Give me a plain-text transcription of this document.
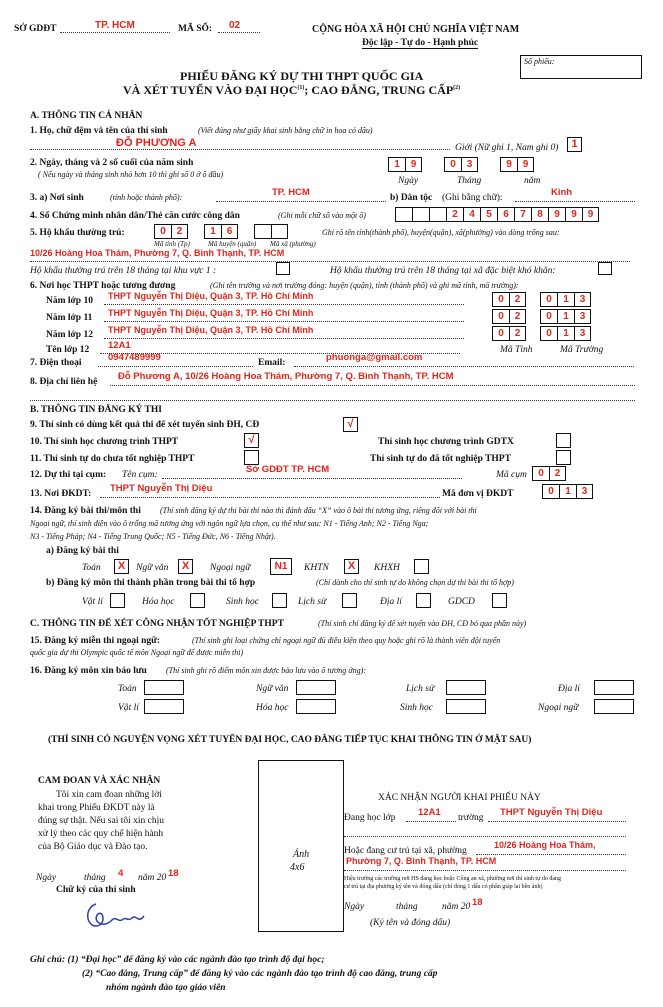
SỞ GDĐT	TP. HCM	MÃ SỐ: 02	CỘNG HÒA XÃ HỘI CHỦ NGHĨA VIỆT NAM
Độc lập - Tự do - Hạnh phúc
Số phiếu:
PHIẾU ĐĂNG KÝ DỰ THI THPT QUỐC GIA
VÀ XÉT TUYỂN VÀO ĐẠI HỌC$^{(1)}$; CAO ĐẲNG, TRUNG CẤP$^{(2)}$
A. THÔNG TIN CÁ NHÂN
1. Họ, chữ đệm và tên của thí sinh	(Viết đúng như giấy khai sinh bằng chữ in hoa có dấu)
ĐỖ PHƯƠNG A	Giới (Nữ ghi 1, Nam ghi 0)	1
2. Ngày, tháng và 2 số cuối của năm sinh
( Nếu ngày và tháng sinh nhỏ hơn 10 thì ghi số 0 ở ô đầu)
1	9	0	3	9	9
Ngày	Tháng	năm
3. a) Nơi sinh	(tỉnh hoặc thành phố):	TP. HCM	b) Dân tộc (Ghi bằng chữ):	Kinh
4. Số Chứng minh nhân dân/Thẻ căn cước công dân	(Ghi mỗi chữ số vào một ô)	2	4	5	6	7	8	9	9	9
5. Hộ khẩu thường trú:	0	2	1	6
Mã tỉnh (Tp)	Mã huyện (quận) Mã xã (phường)
Ghi rõ tên tỉnh(thành phố), huyện(quận), xã(phường) vào dòng trống sau:
10/26 Hoàng Hoa Thám, Phường 7, Q. Bình Thạnh, TP. HCM
Hộ khẩu thường trú trên 18 tháng tại khu vực 1 :	Hộ khẩu thường trú trên 18 tháng tại xã đặc biệt khó khăn:
6. Nơi học THPT hoặc tương đương	(Ghi tên trường và nơi trường đóng: huyện (quận), tỉnh (thành phố) và ghi mã tỉnh, mã trường):
Năm lớp 10 THPT Nguyễn Thị Diệu, Quận 3, TP. Hồ Chí Minh	0	2	0	1	3
Năm lớp 11 THPT Nguyễn Thị Diệu, Quận 3, TP. Hồ Chí Minh	0	2	0	1	3
Năm lớp 12 THPT Nguyễn Thị Diệu, Quận 3, TP. Hồ Chí Minh	0	2	0	1	3
Tên lớp 12 12A1	Mã Tỉnh	Mã Trường
7. Điện thoại	0947489999	Email:	phuonga@gmail.com
8. Địa chỉ liên hệ Đỗ Phương A, 10/26 Hoàng Hoa Thám, Phường 7, Q. Bình Thạnh, TP. HCM
B. THÔNG TIN ĐĂNG KÝ THI
9. Thí sinh có dùng kết quả thi để xét tuyển sinh ĐH, CĐ	√
10. Thí sinh học chương trình THPT	√	Thí sinh học chương trình GDTX
11. Thí sinh tự do chưa tốt nghiệp THPT	Thí sinh tự do đã tốt nghiệp THPT
12. Dự thi tại cụm: Tên cụm:	Sở GDĐT TP. HCM	Mã cụm	0	2
13. Nơi ĐKDT: THPT Nguyễn Thị Diệu	Mã đơn vị ĐKDT	0	1	3
14. Đăng ký bài thi/môn thi (Thí sinh đăng ký dự thi bài thi nào thì đánh dấu “X” vào ô bài thi tương ứng, riêng đối với bài thi
Ngoại ngữ, thí sinh điền vào ô trống mã tương ứng với ngôn ngữ lựa chọn, cụ thể như sau: N1 - Tiếng Anh; N2 - Tiếng Nga;
N3 - Tiếng Pháp; N4 - Tiếng Trung Quốc; N5 - Tiếng Đức, N6 - Tiếng Nhật).
a) Đăng ký bài thi
Toán	X	Ngữ văn	X	Ngoại ngữ	N1	KHTN	X	KHXH
b) Đăng ký môn thi thành phần trong bài thi tổ hợp	(Chỉ dành cho thí sinh tự do không chọn dự thi bài thi tổ hợp)
Vật lí	Hóa học	Sinh học	Lịch sử	Địa lí	GDCD
C. THÔNG TIN ĐỂ XÉT CÔNG NHẬN TỐT NGHIỆP THPT	(Thí sinh chỉ đăng ký để xét tuyển vào ĐH, CĐ bỏ qua phần này)
15. Đăng ký miễn thi ngoại ngữ:	(Thí sinh ghi loại chứng chỉ ngoại ngữ đủ điều kiện theo quy hoặc ghi rõ là thành viên đội tuyển
quốc gia dự thi Olympic quốc tế môn Ngoại ngữ để được miễn thi)
16. Đăng ký môn xin bảo lưu (Thí sinh ghi rõ điểm môn xin được bảo lưu vào ô tương ứng):
Toán	Ngữ văn	Lịch sử	Địa lí
Vật lí	Hóa học	Sinh học	Ngoại ngữ
(THÍ SINH CÓ NGUYỆN VỌNG XÉT TUYỂN ĐẠI HỌC, CAO ĐẲNG TIẾP TỤC KHAI THÔNG TIN Ở MẶT SAU)
CAM ĐOAN VÀ XÁC NHẬN
Tôi xin cam đoan những lời
khai trong Phiếu ĐKDT này là
đúng sự thật. Nếu sai tôi xin chịu
xử lý theo các quy chế hiện hành
của Bộ Giáo dục và Đào tạo.
Ngày	tháng 4 năm 20 18
Chữ ký của thí sinh
Ảnh
4x6
XÁC NHẬN NGƯỜI KHAI PHIẾU NÀY
Đang học lớp 12A1 trường THPT Nguyễn Thị Diệu
Hoặc đang cư trú tại xã, phường
10/26 Hoàng Hoa Thám,
Phường 7, Q. Bình Thạnh, TP. HCM
Hiệu trưởng các trường nơi HS đang học hoặc Công an xã, phường nơi thí sinh tự do đang
cư trú tại địa phương ký tên và đóng dấu (chỉ đóng 1 dấu có phần giáp lai bên ảnh)
Ngày	tháng	năm 20 18
(Ký tên và đóng dấu)
Ghi chú: (1) “Đại học” để đăng ký vào các ngành đào tạo trình độ đại học;
(2) “Cao đẳng, Trung cấp” để đăng ký vào các ngành đào tạo trình độ cao đẳng, trung cấp
nhóm ngành đào tạo giáo viên
